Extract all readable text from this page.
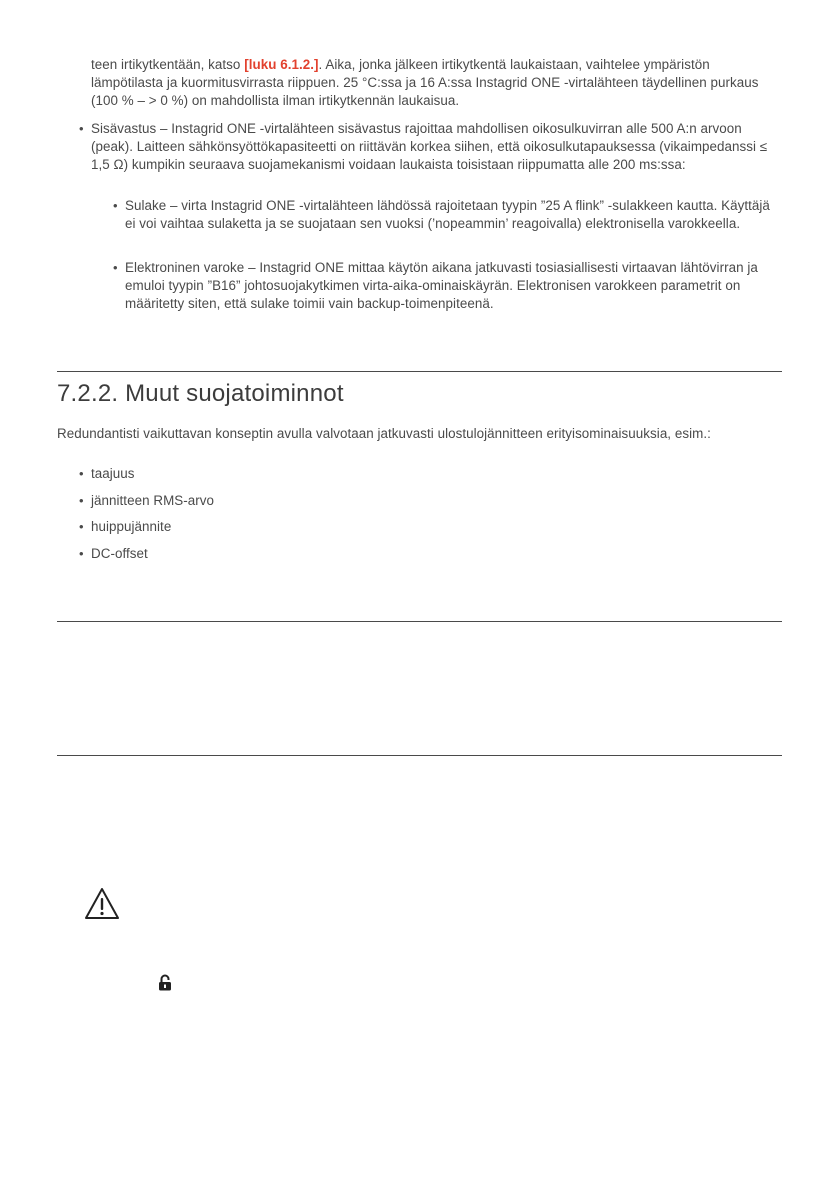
teen irtikytkentään, katso [luku 6.1.2.]. Aika, jonka jälkeen irtikytkentä laukaistaan, vaihtelee ympäristön lämpötilasta ja kuormitusvirrasta riippuen. 25 °C:ssa ja 16 A:ssa Instagrid ONE -virtalähteen täydellinen purkaus (100 % – > 0 %) on mahdollista ilman irtikytkennän laukaisua.
• Sisävastus – Instagrid ONE -virtalähteen sisävastus rajoittaa mahdollisen oikosulkuvirran alle 500 A:n arvoon (peak). Laitteen sähkönsyöttökapasiteetti on riittävän korkea siihen, että oikosulkutapauksessa (vikaimpedanssi ≤ 1,5 Ω) kumpikin seuraava suojamekanismi voidaan laukaista toisistaan riippumatta alle 200 ms:ssa:
• Sulake – virta Instagrid ONE -virtalähteen lähdössä rajoitetaan tyypin ”25 A flink” -sulakkeen kautta. Käyttäjä ei voi vaihtaa sulaketta ja se suojataan sen vuoksi (’nopeammin’ reagoivalla) elektronisella varokkeella.
• Elektroninen varoke – Instagrid ONE mittaa käytön aikana jatkuvasti tosiasiallisesti virtaavan lähtövirran ja emuloi tyypin ”B16” johtosuojakytkimen virta-aika-ominaiskäyrän. Elektronisen varokkeen parametrit on määritetty siten, että sulake toimii vain backup-toimenpiteenä.
7.2.2. Muut suojatoiminnot
Redundantisti vaikuttavan konseptin avulla valvotaan jatkuvasti ulostulojännitteen erityisominaisuuksia, esim.:
• taajuus
• jännitteen RMS-arvo
• huippujännite
• DC-offset
